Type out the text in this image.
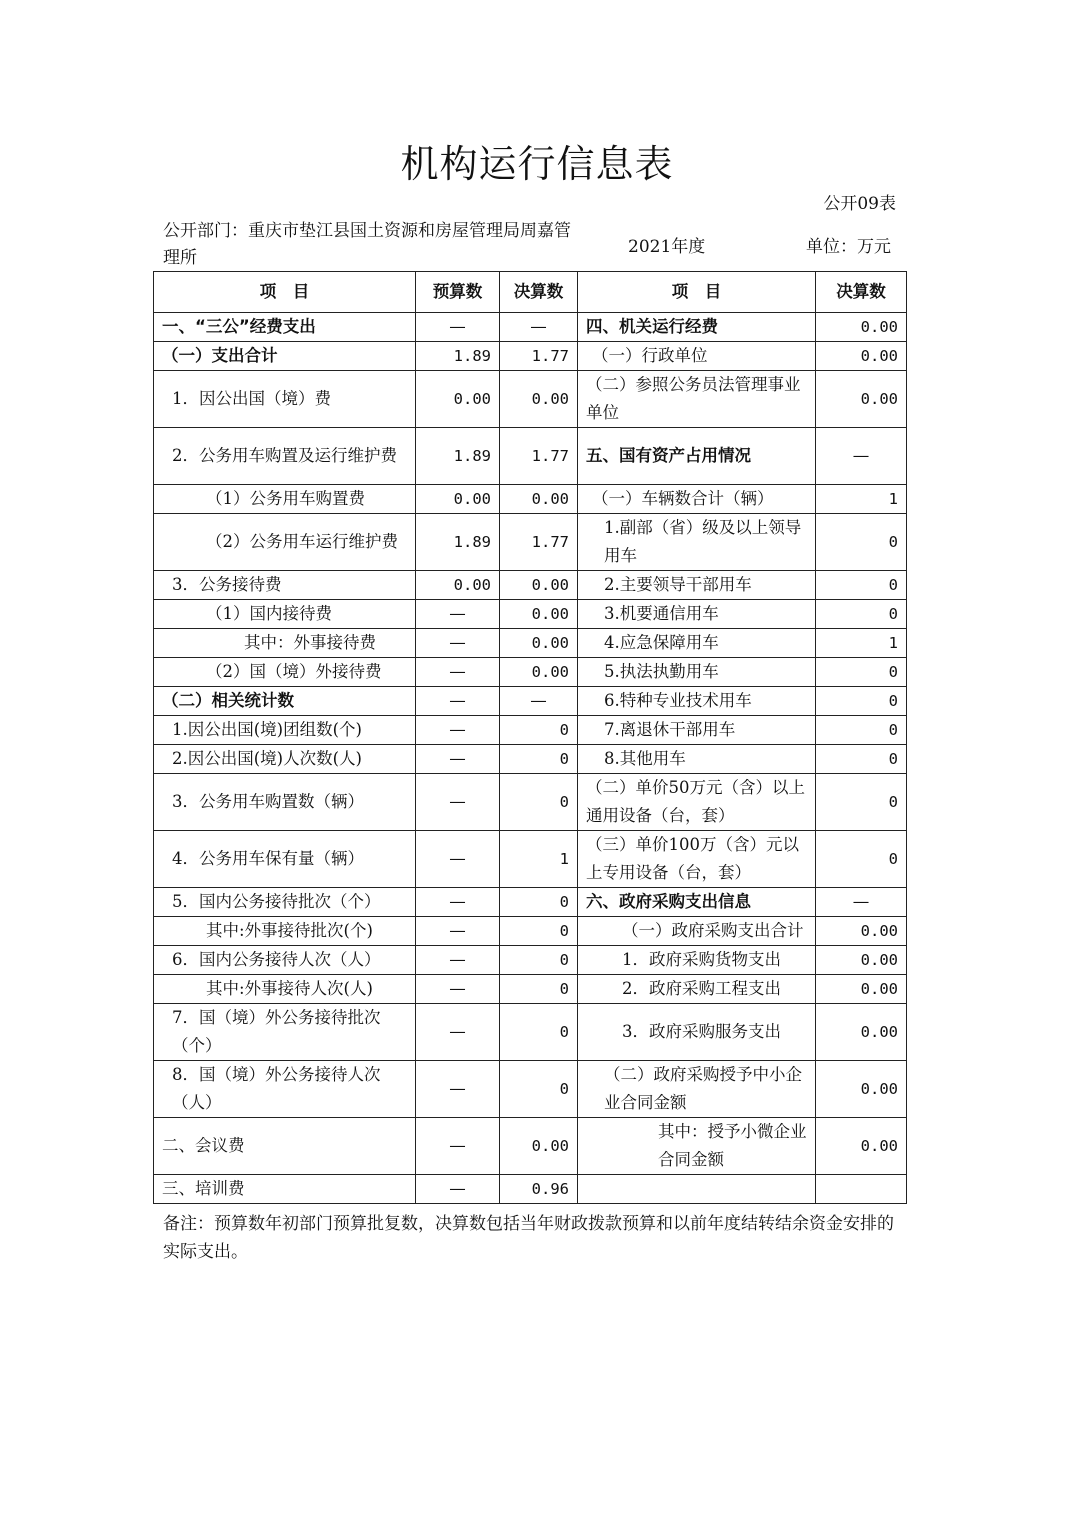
机构运行信息表
公开09表
公开部门：重庆市垫江县国土资源和房屋管理局周嘉管理所
2021年度	单位：万元
项　目	预算数	决算数	项　目	决算数
一、“三公”经费支出	—	—	四、机关运行经费	0.00
（一）支出合计	1.89	1.77	（一）行政单位	0.00
1．因公出国（境）费	0.00	0.00	（二）参照公务员法管理事业单位	0.00
2．公务用车购置及运行维护费	1.89	1.77	五、国有资产占用情况	—
（1）公务用车购置费	0.00	0.00	（一）车辆数合计（辆）	1
（2）公务用车运行维护费	1.89	1.77	1.副部（省）级及以上领导用车	0
3．公务接待费	0.00	0.00	2.主要领导干部用车	0
（1）国内接待费	—	0.00	3.机要通信用车	0
其中：外事接待费	—	0.00	4.应急保障用车	1
（2）国（境）外接待费	—	0.00	5.执法执勤用车	0
（二）相关统计数	—	—	6.特种专业技术用车	0
1.因公出国(境)团组数(个)	—	0	7.离退休干部用车	0
2.因公出国(境)人次数(人)	—	0	8.其他用车	0
3．公务用车购置数（辆）	—	0	（二）单价50万元（含）以上通用设备（台，套）	0
4．公务用车保有量（辆）	—	1	（三）单价100万（含）元以上专用设备（台，套）	0
5．国内公务接待批次（个）	—	0	六、政府采购支出信息	—
其中:外事接待批次(个)	—	0	（一）政府采购支出合计	0.00
6．国内公务接待人次（人）	—	0	1．政府采购货物支出	0.00
其中:外事接待人次(人)	—	0	2．政府采购工程支出	0.00
7．国（境）外公务接待批次（个）	—	0	3．政府采购服务支出	0.00
8．国（境）外公务接待人次（人）	—	0	（二）政府采购授予中小企业合同金额	0.00
二、会议费	—	0.00	其中：授予小微企业合同金额	0.00
三、培训费	—	0.96		
备注：预算数年初部门预算批复数，决算数包括当年财政拨款预算和以前年度结转结余资金安排的实际支出。
